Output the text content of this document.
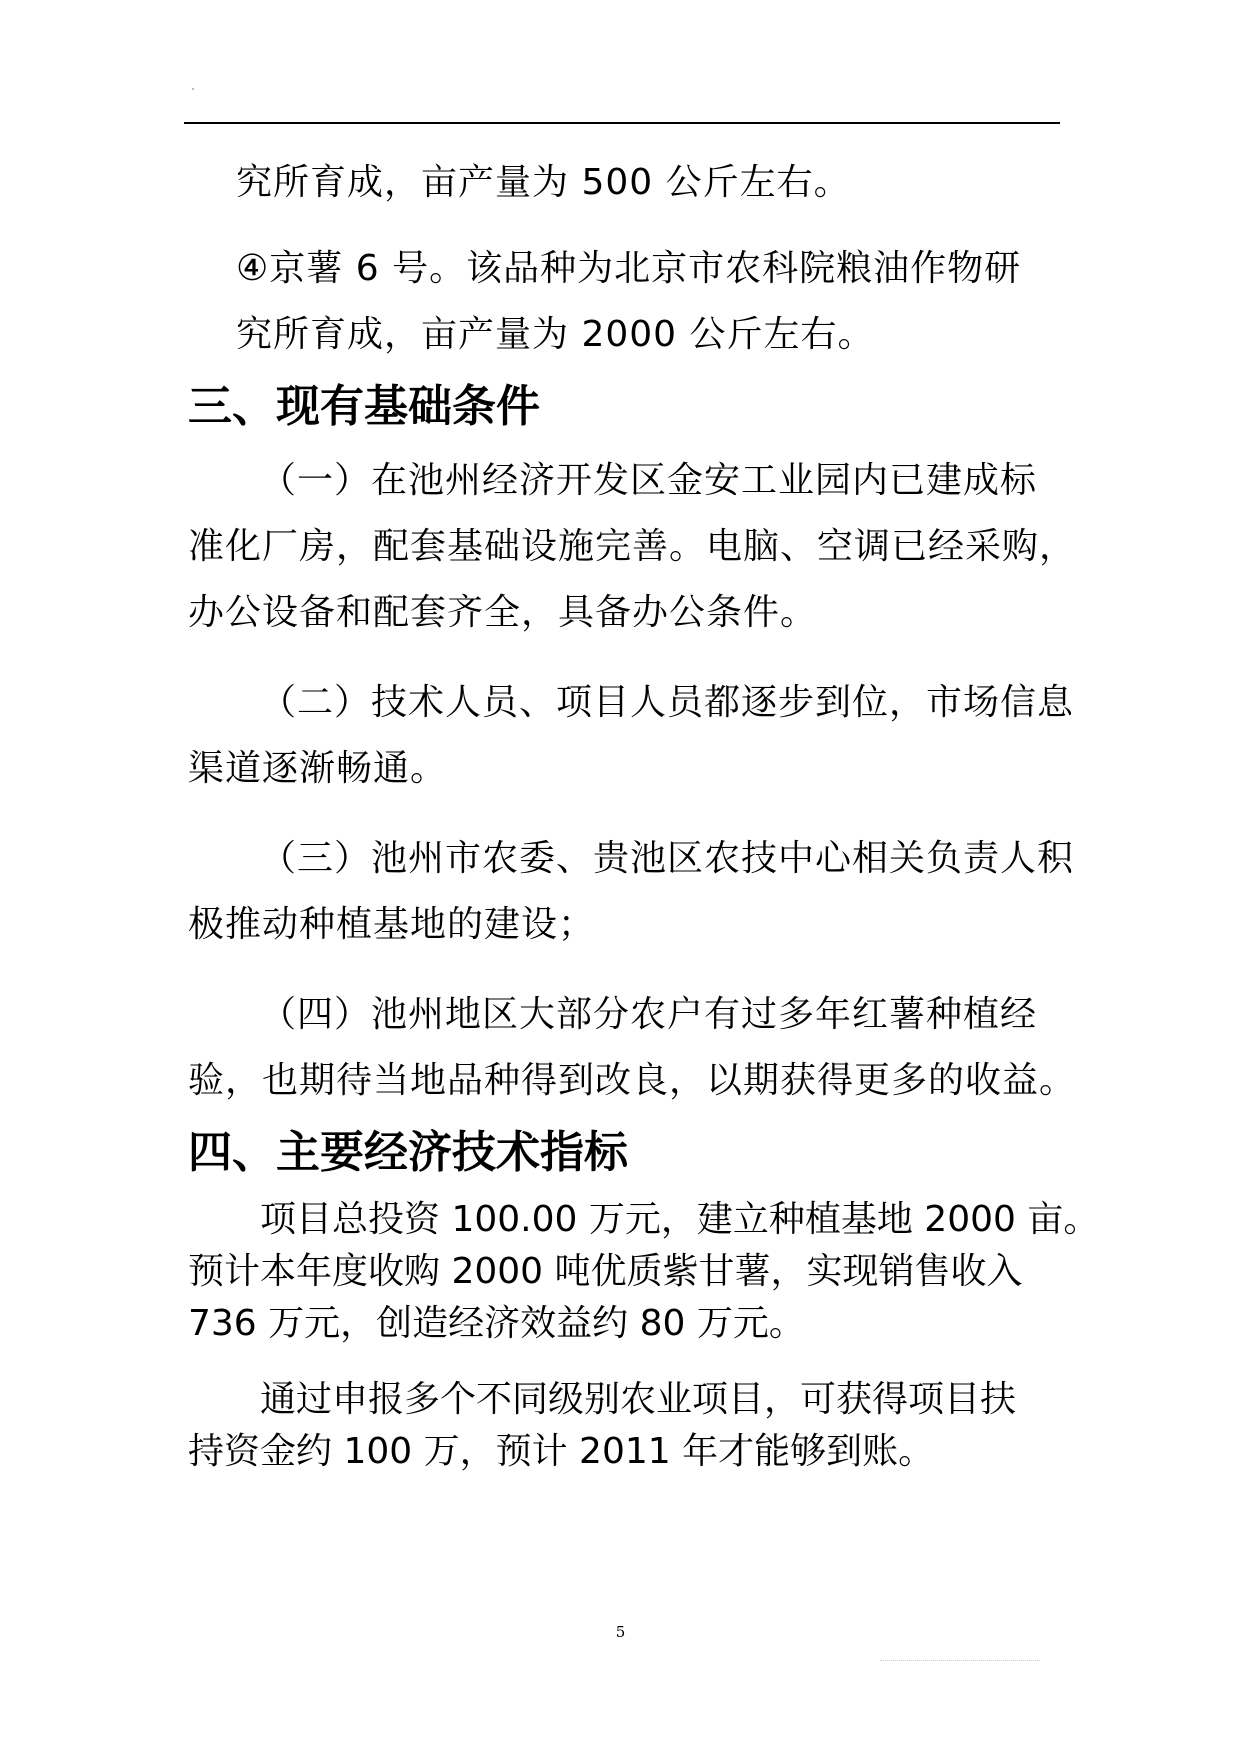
究所育成，亩产量为 500 公斤左右。
④京薯 6 号。该品种为北京市农科院粮油作物研
究所育成，亩产量为 2000 公斤左右。
三、现有基础条件
（一）在池州经济开发区金安工业园内已建成标
准化厂房，配套基础设施完善。电脑、空调已经采购，
办公设备和配套齐全，具备办公条件。
（二）技术人员、项目人员都逐步到位，市场信息
渠道逐渐畅通。
（三）池州市农委、贵池区农技中心相关负责人积
极推动种植基地的建设；
（四）池州地区大部分农户有过多年红薯种植经
验，也期待当地品种得到改良，以期获得更多的收益。
四、主要经济技术指标
项目总投资 100.00 万元，建立种植基地 2000 亩。
预计本年度收购 2000 吨优质紫甘薯，实现销售收入
736 万元，创造经济效益约 80 万元。
通过申报多个不同级别农业项目，可获得项目扶
持资金约 100 万，预计 2011 年才能够到账。
5
